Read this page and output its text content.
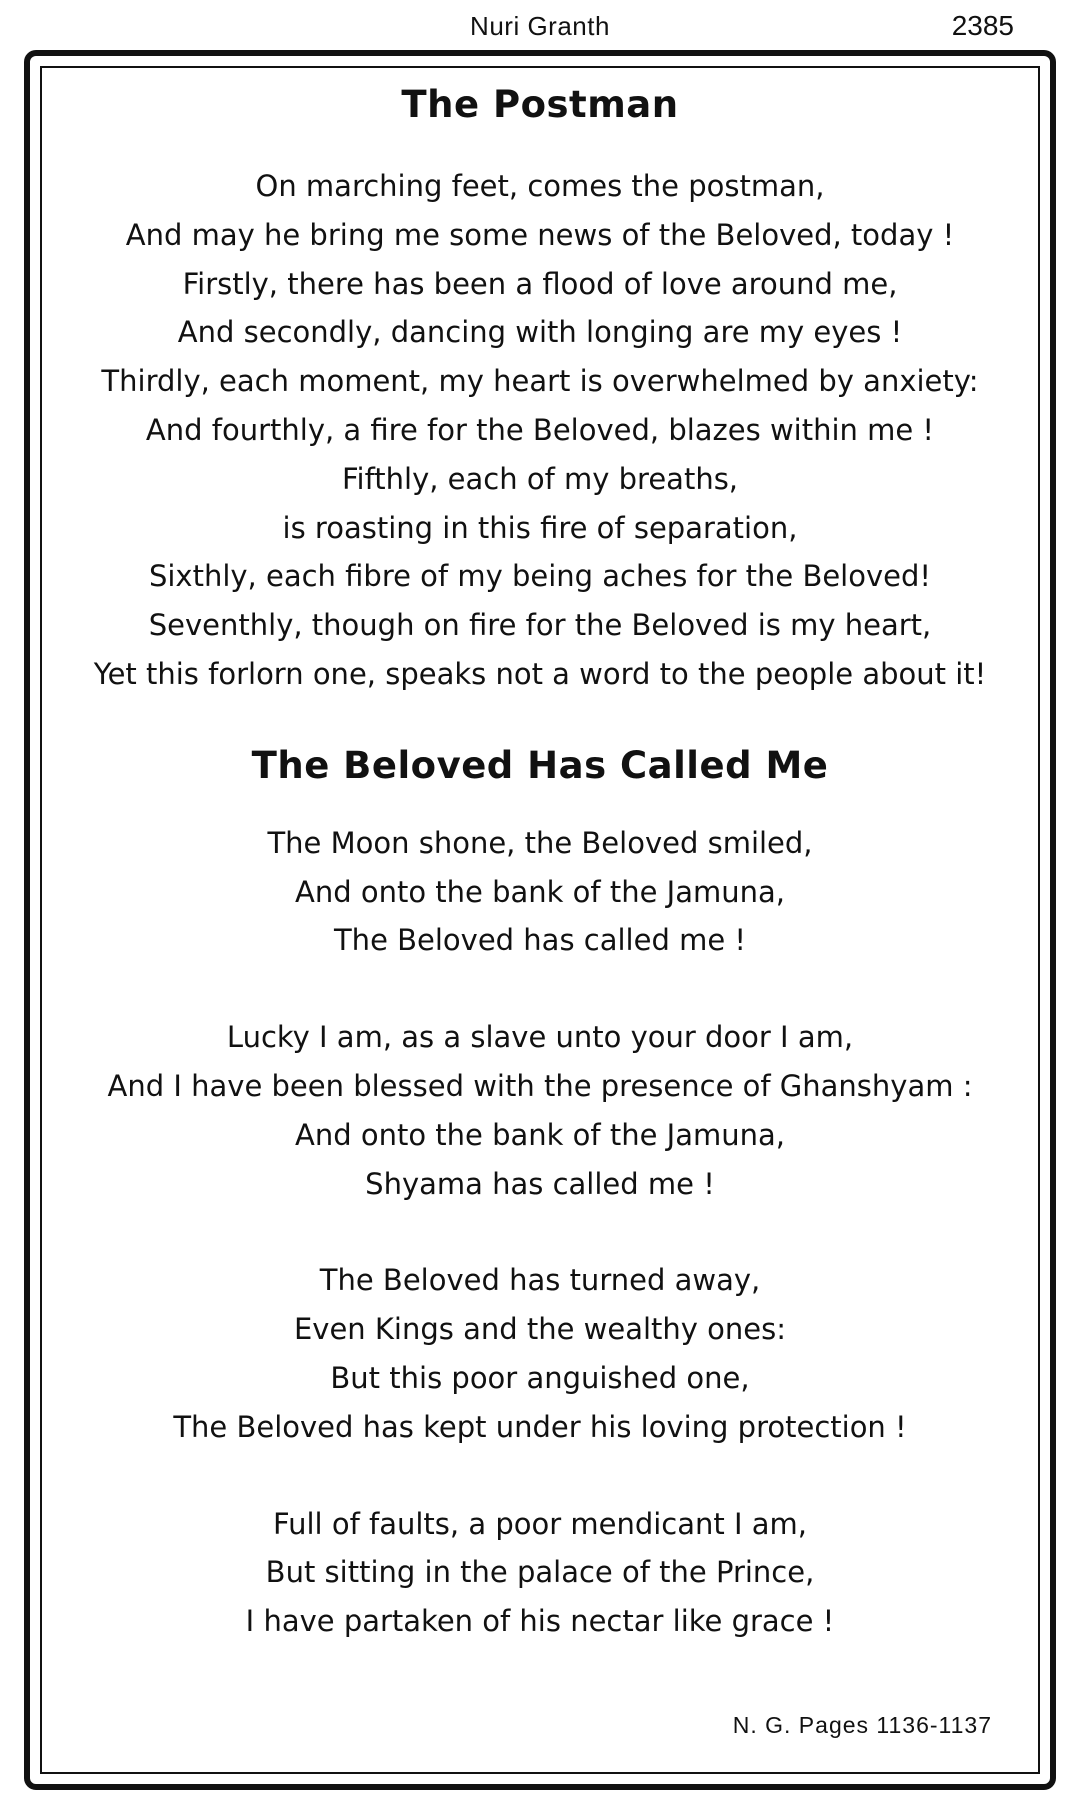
Nuri Granth	2385
The Postman
On marching feet, comes the postman,
And may he bring me some news of the Beloved, today !
Firstly, there has been a flood of love around me,
And secondly, dancing with longing are my eyes !
Thirdly, each moment, my heart is overwhelmed by anxiety:
And fourthly, a fire for the Beloved, blazes within me !
Fifthly, each of my breaths,
is roasting in this fire of separation,
Sixthly, each fibre of my being aches for the Beloved!
Seventhly, though on fire for the Beloved is my heart,
Yet this forlorn one, speaks not a word to the people about it!
The Beloved Has Called Me
The Moon shone, the Beloved smiled,
And onto the bank of the Jamuna,
The Beloved has called me !
Lucky I am, as a slave unto your door I am,
And I have been blessed with the presence of Ghanshyam :
And onto the bank of the Jamuna,
Shyama has called me !
The Beloved has turned away,
Even Kings and the wealthy ones:
But this poor anguished one,
The Beloved has kept under his loving protection !
Full of faults, a poor mendicant I am,
But sitting in the palace of the Prince,
I have partaken of his nectar like grace !
N. G. Pages 1136-1137
